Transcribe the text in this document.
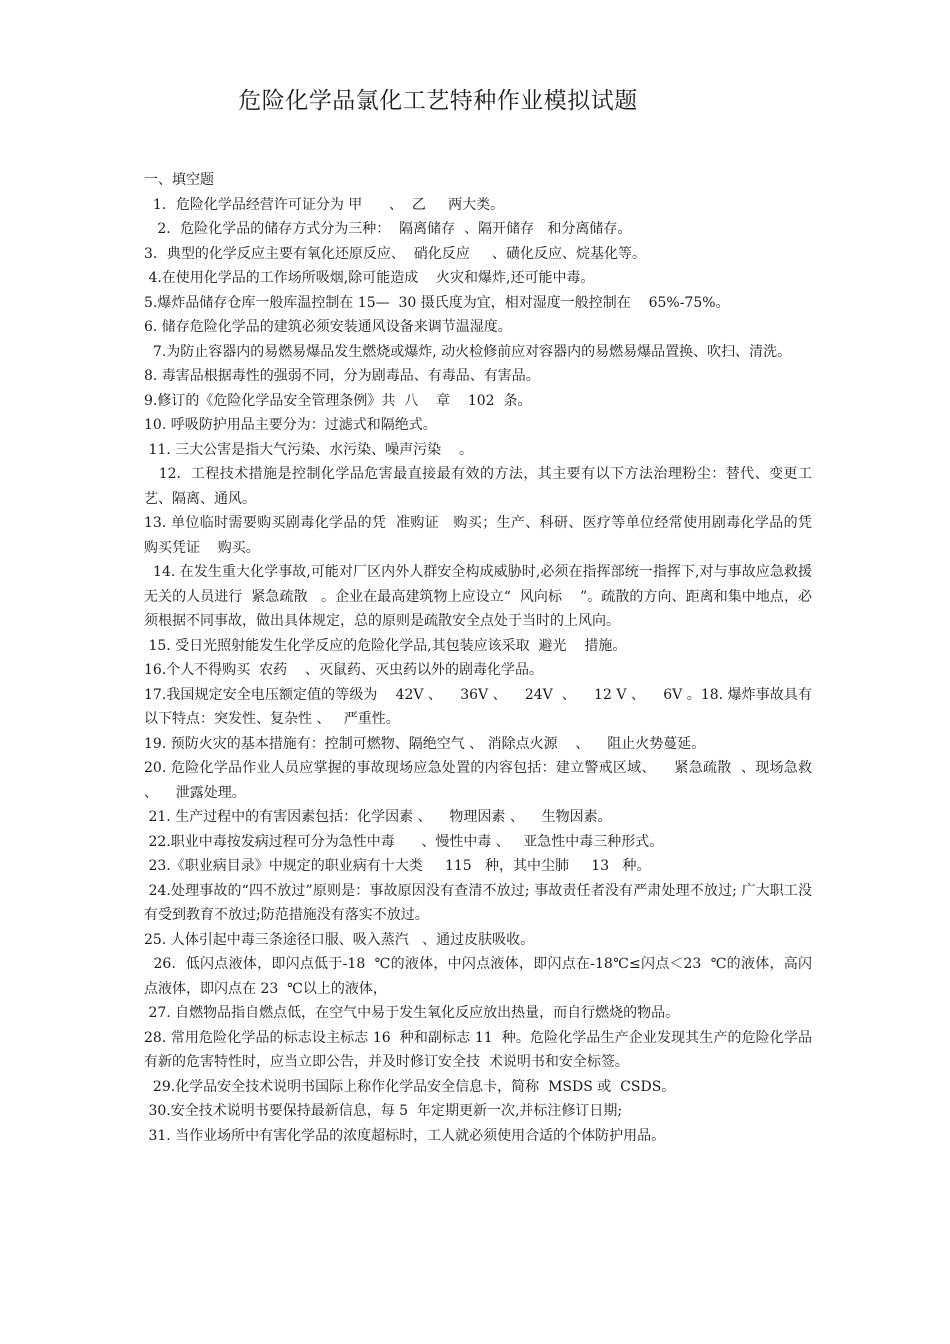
危险化学品氯化工艺特种作业模拟试题

一、填空题

1．危险化学品经营许可证分为 甲      、  乙     两大类。

2．危险化学品的储存方式分为三种：  隔离储存  、隔开储存   和分离储存。

3．典型的化学反应主要有氧化还原反应、  硝化反应     、磺化反应、烷基化等。

4.在使用化学品的工作场所吸烟,除可能造成    火灾和爆炸,还可能中毒。

5.爆炸品储存仓库一般库温控制在 15—  30 摄氏度为宜，相对湿度一般控制在    65%-75%。

6. 储存危险化学品的建筑必须安装通风设备来调节温湿度。

7.为防止容器内的易燃易爆品发生燃烧或爆炸, 动火检修前应对容器内的易燃易爆品置换、吹扫、清洗。

8. 毒害品根据毒性的强弱不同，分为剧毒品、有毒品、有害品。

9.修订的《危险化学品安全管理条例》共  八    章    102  条。

10. 呼吸防护用品主要分为：过滤式和隔绝式。

11. 三大公害是指大气污染、水污染、噪声污染    。

12.  工程技术措施是控制化学品危害最直接最有效的方法，其主要有以下方法治理粉尘：替代、变更工艺、隔离、通风。

13. 单位临时需要购买剧毒化学品的凭  准购证   购买；生产、科研、医疗等单位经常使用剧毒化学品的凭  购买凭证    购买。

14. 在发生重大化学事故,可能对厂区内外人群安全构成威胁时,必须在指挥部统一指挥下,对与事故应急救援无关的人员进行  紧急疏散   。企业在最高建筑物上应设立“  风向标    ”。疏散的方向、距离和集中地点，必须根据不同事故，做出具体规定，总的原则是疏散安全点处于当时的上风向。

15. 受日光照射能发生化学反应的危险化学品,其包装应该采取  避光    措施。

16.个人不得购买  农药    、灭鼠药、灭虫药以外的剧毒化学品。

17.我国规定安全电压额定值的等级为    42V 、    36V 、    24V  、    12 V 、    6V 。18. 爆炸事故具有以下特点：突发性、复杂性 、   严重性。

19. 预防火灾的基本措施有：控制可燃物、隔绝空气 、 消除点火源    、    阻止火势蔓延。

20. 危险化学品作业人员应掌握的事故现场应急处置的内容包括：建立警戒区域、    紧急疏散  、现场急救    、    泄露处理。

21. 生产过程中的有害因素包括：化学因素 、    物理因素 、    生物因素。

22.职业中毒按发病过程可分为急性中毒      、慢性中毒 、   亚急性中毒三种形式。

23.《职业病目录》中规定的职业病有十大类     115   种，其中尘肺     13   种。

24.处理事故的“四不放过”原则是：事故原因没有查清不放过; 事故责任者没有严肃处理不放过; 广大职工没有受到教育不放过;防范措施没有落实不放过。

25. 人体引起中毒三条途径口服、吸入蒸汽   、通过皮肤吸收。

26．低闪点液体，即闪点低于-18  ℃的液体，中闪点液体，即闪点在-18℃≤闪点＜23  ℃的液体，高闪点液体，即闪点在 23  ℃以上的液体，

27. 自燃物品指自燃点低，在空气中易于发生氧化反应放出热量，而自行燃烧的物品。

28. 常用危险化学品的标志设主标志 16  种和副标志 11  种。危险化学品生产企业发现其生产的危险化学品有新的危害特性时，应当立即公告，并及时修订安全技  术说明书和安全标签。

29.化学品安全技术说明书国际上称作化学品安全信息卡，简称  MSDS 或  CSDS。

30.安全技术说明书要保持最新信息，每 5  年定期更新一次,并标注修订日期;

31. 当作业场所中有害化学品的浓度超标时，工人就必须使用合适的个体防护用品。
